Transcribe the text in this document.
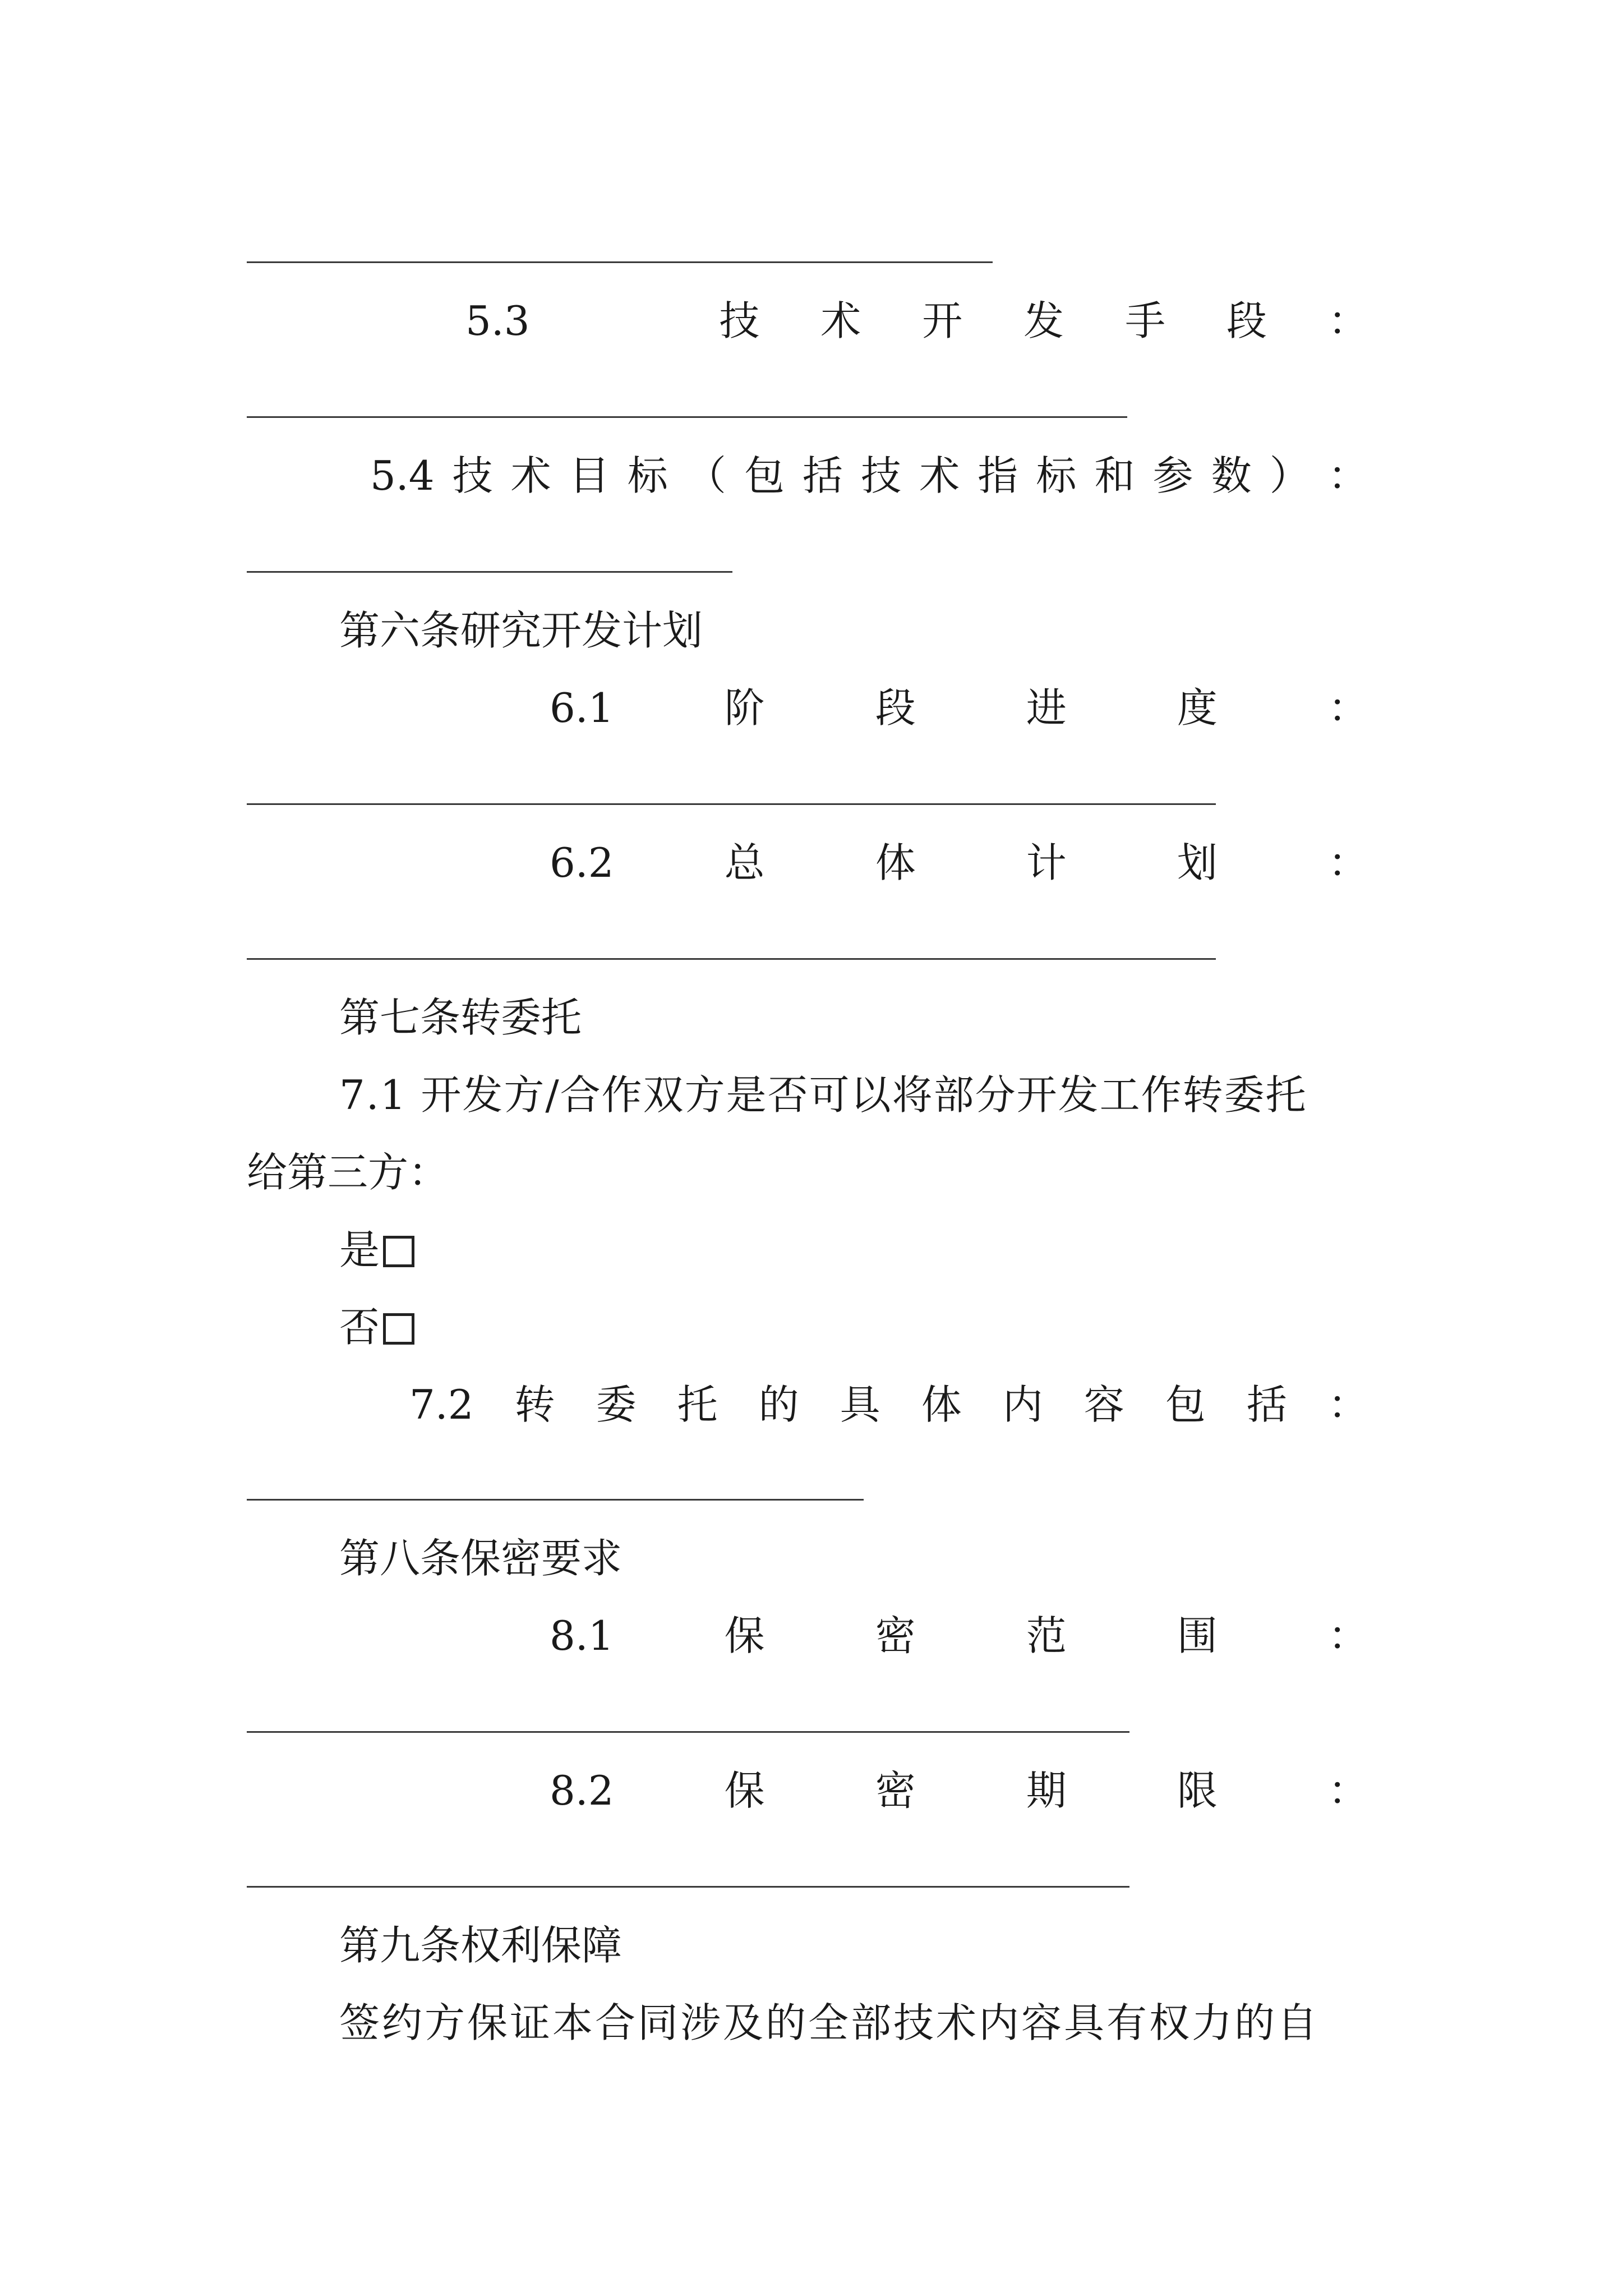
5.3	技 术 开 发 手 段 ：
5.4 技 术 目 标 （ 包 括 技 术 指 标 和 参 数 ） ：
第六条研究开发计划
6.1	阶	段	进	度	：
6.2	总	体	计	划	：
第七条转委托
7.1 开发方/合作双方是否可以将部分开发工作转委托
给第三方：
是
否
7.2 转 委 托 的 具 体 内 容 包 括 ：
第八条保密要求
8.1	保	密	范	围	：
8.2	保	密	期	限	：
第九条权利保障
签约方保证本合同涉及的全部技术内容具有权力的自
